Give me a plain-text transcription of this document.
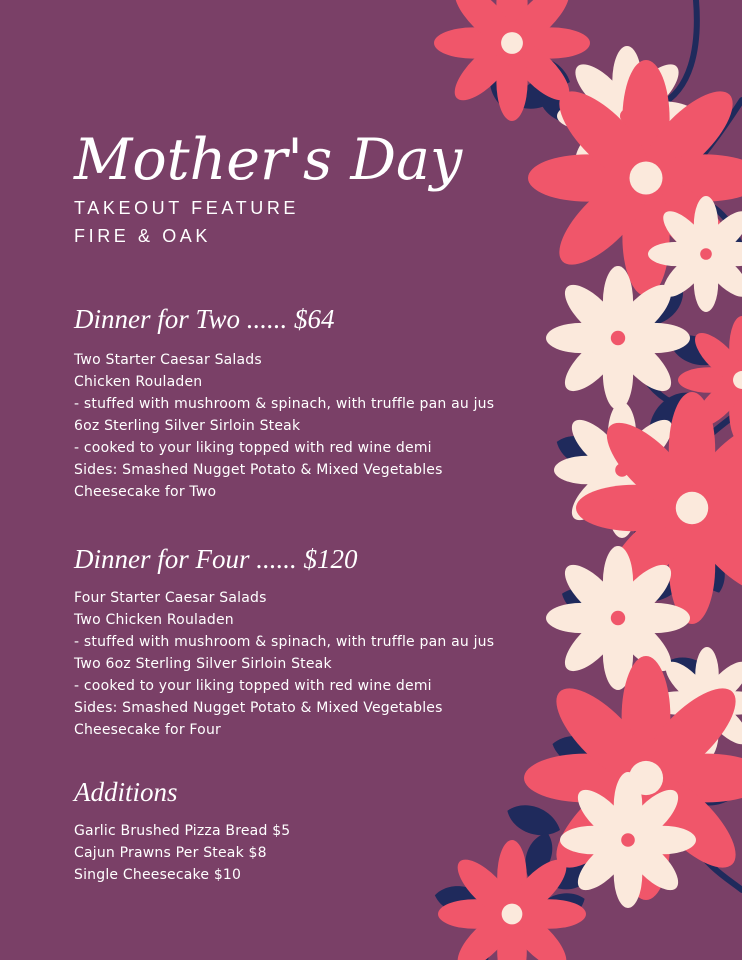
Mother's Day
TAKEOUT FEATURE
FIRE & OAK
Dinner for Two ...... $64
Two Starter Caesar Salads
Chicken Rouladen
- stuffed with mushroom & spinach, with truffle pan au jus
6oz Sterling Silver Sirloin Steak
- cooked to your liking topped with red wine demi
Sides: Smashed Nugget Potato & Mixed Vegetables
Cheesecake for Two
Dinner for Four ...... $120
Four Starter Caesar Salads
Two Chicken Rouladen
- stuffed with mushroom & spinach, with truffle pan au jus
Two 6oz Sterling Silver Sirloin Steak
- cooked to your liking topped with red wine demi
Sides: Smashed Nugget Potato & Mixed Vegetables
Cheesecake for Four
Additions
Garlic Brushed Pizza Bread $5
Cajun Prawns Per Steak $8
Single Cheesecake $10
